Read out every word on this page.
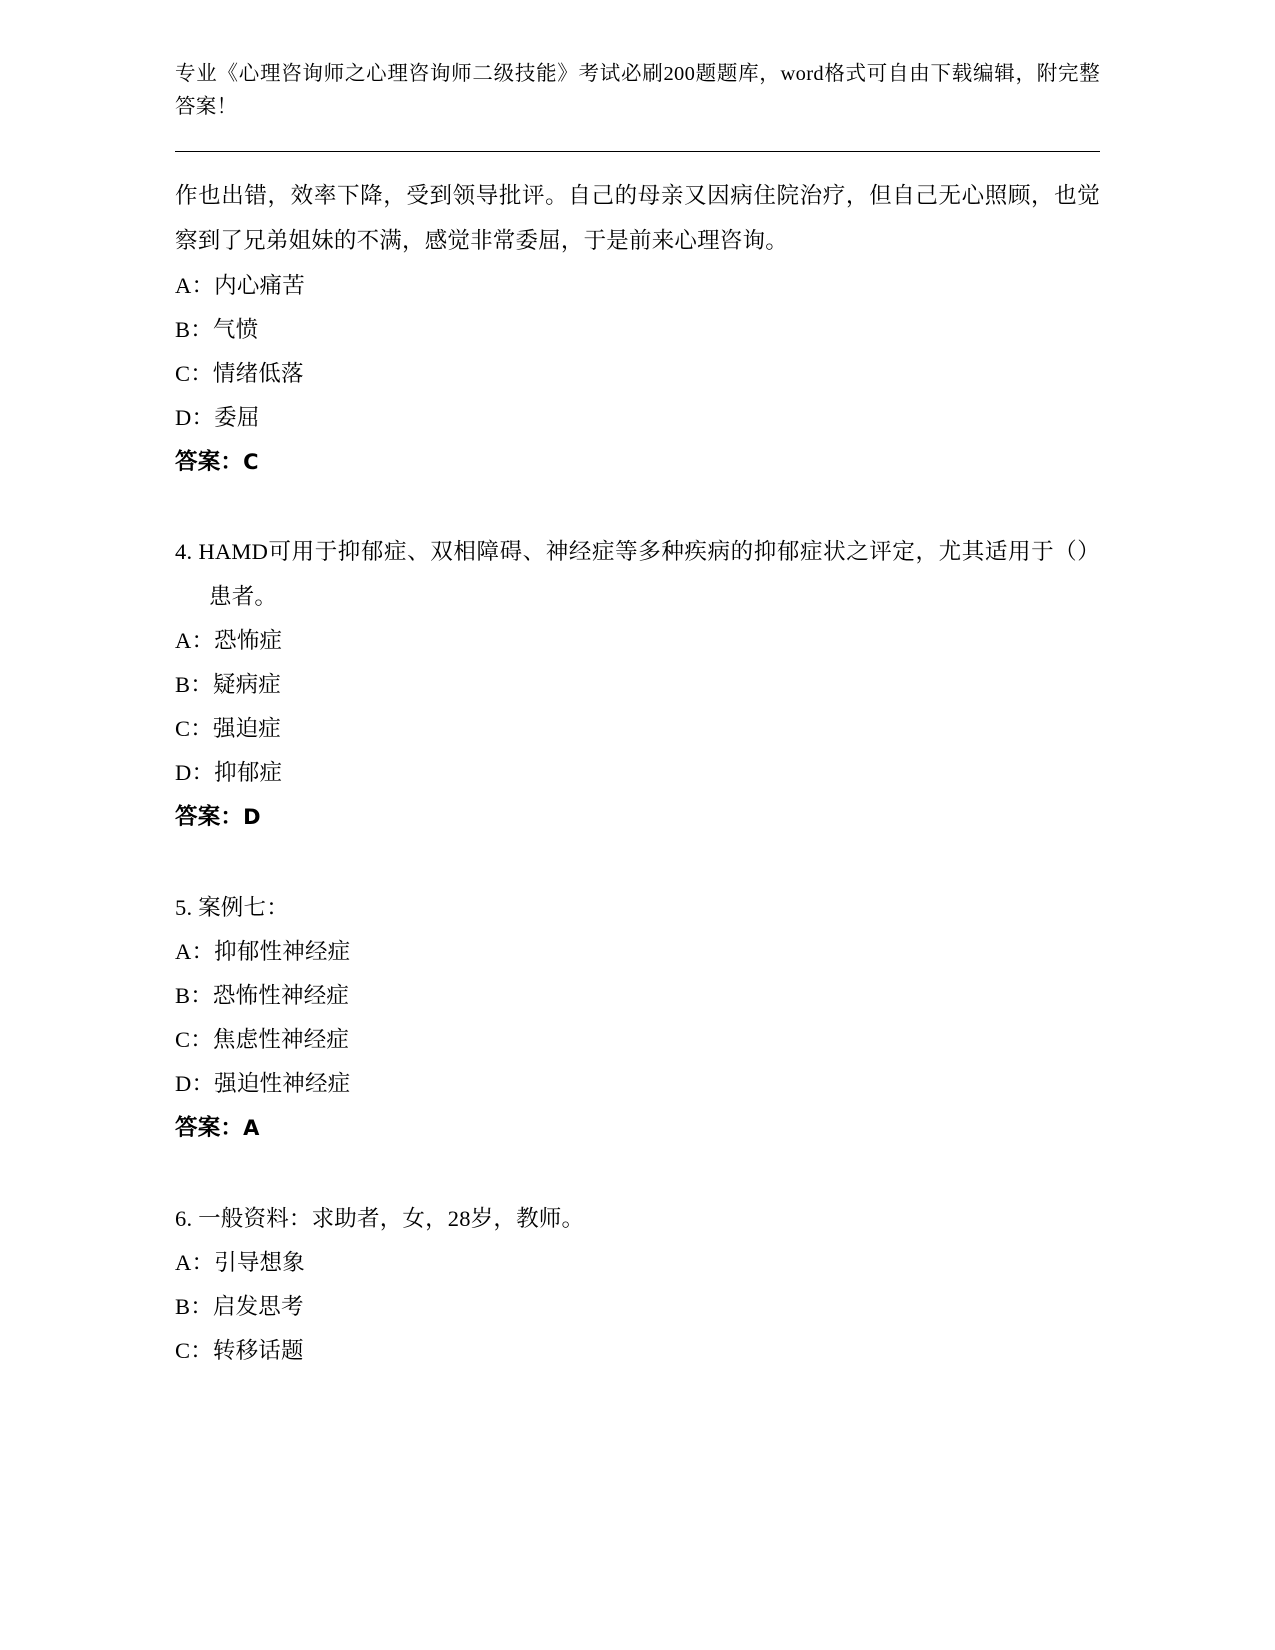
专业《心理咨询师之心理咨询师二级技能》考试必刷200题题库，word格式可自由下载编辑，附完整答案！

作也出错，效率下降，受到领导批评。自己的母亲又因病住院治疗，但自己无心照顾，也觉察到了兄弟姐妹的不满，感觉非常委屈，于是前来心理咨询。

A：内心痛苦

B：气愤

C：情绪低落

D：委屈

答案：C

4. HAMD可用于抑郁症、双相障碍、神经症等多种疾病的抑郁症状之评定，尤其适用于（）患者。

A：恐怖症

B：疑病症

C：强迫症

D：抑郁症

答案：D

5. 案例七：

A：抑郁性神经症

B：恐怖性神经症

C：焦虑性神经症

D：强迫性神经症

答案：A

6. 一般资料：求助者，女，28岁，教师。

A：引导想象

B：启发思考

C：转移话题
